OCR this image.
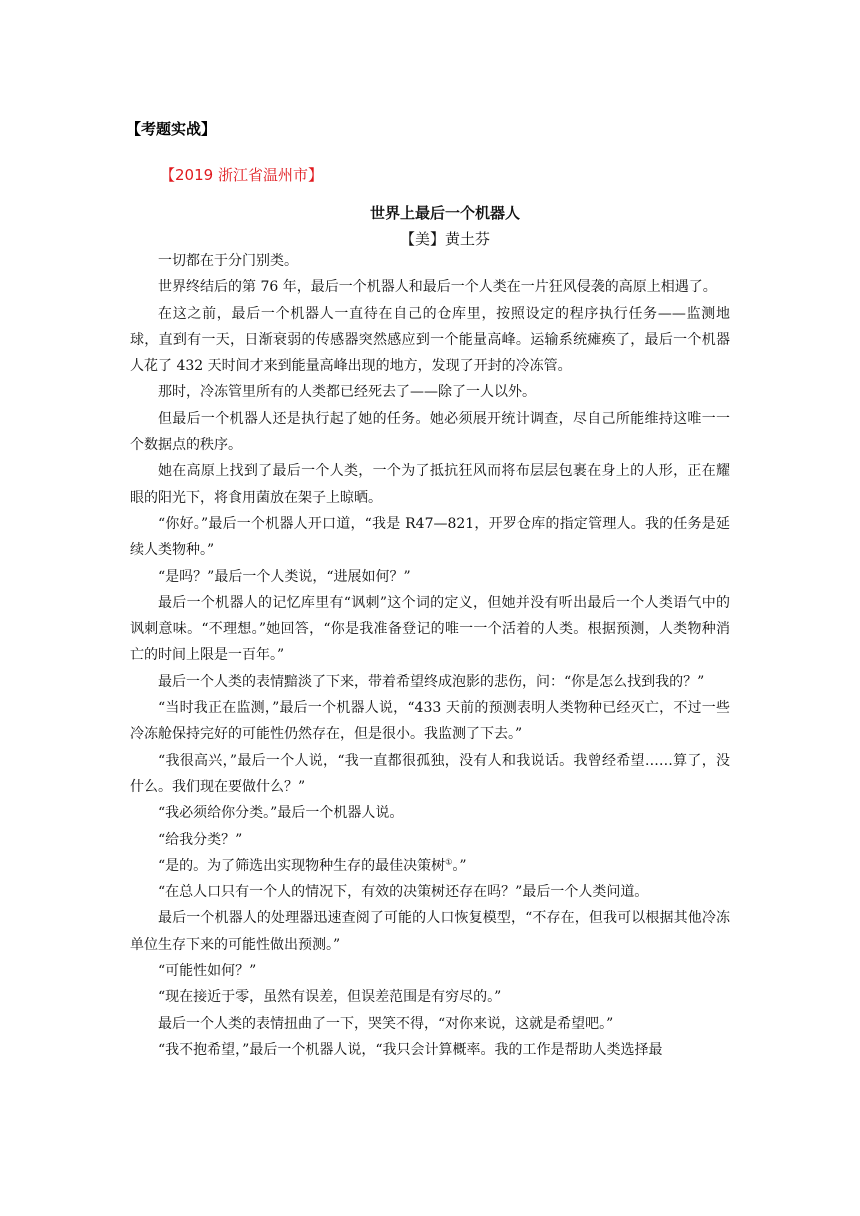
【考题实战】
【2019 浙江省温州市】
世界上最后一个机器人
【美】黄土芬

一切都在于分门别类。

世界终结后的第 76 年，最后一个机器人和最后一个人类在一片狂风侵袭的高原上相遇了。

在这之前，最后一个机器人一直待在自己的仓库里，按照设定的程序执行任务——监测地球，直到有一天，日渐衰弱的传感器突然感应到一个能量高峰。运输系统瘫痪了，最后一个机器人花了 432 天时间才来到能量高峰出现的地方，发现了开封的冷冻管。

那时，冷冻管里所有的人类都已经死去了——除了一人以外。

但最后一个机器人还是执行起了她的任务。她必须展开统计调查，尽自己所能维持这唯一一个数据点的秩序。

她在高原上找到了最后一个人类，一个为了抵抗狂风而将布层层包裹在身上的人形，正在耀眼的阳光下，将食用菌放在架子上晾晒。

“你好。”最后一个机器人开口道，“我是 R47—821，开罗仓库的指定管理人。我的任务是延续人类物种。”

“是吗？”最后一个人类说，“进展如何？”

最后一个机器人的记忆库里有“讽刺”这个词的定义，但她并没有听出最后一个人类语气中的讽刺意味。“不理想。”她回答，“你是我准备登记的唯一一个活着的人类。根据预测，人类物种消亡的时间上限是一百年。”

最后一个人类的表情黯淡了下来，带着希望终成泡影的悲伤，问：“你是怎么找到我的？”

“当时我正在监测，”最后一个机器人说，“433 天前的预测表明人类物种已经灭亡，不过一些冷冻舱保持完好的可能性仍然存在，但是很小。我监测了下去。”

“我很高兴，”最后一个人说，“我一直都很孤独，没有人和我说话。我曾经希望……算了，没什么。我们现在要做什么？”

“我必须给你分类。”最后一个机器人说。

“给我分类？”

“是的。为了筛选出实现物种生存的最佳决策树①。”

“在总人口只有一个人的情况下，有效的决策树还存在吗？”最后一个人类问道。

最后一个机器人的处理器迅速查阅了可能的人口恢复模型，“不存在，但我可以根据其他冷冻单位生存下来的可能性做出预测。”

“可能性如何？”

“现在接近于零，虽然有误差，但误差范围是有穷尽的。”

最后一个人类的表情扭曲了一下，哭笑不得，“对你来说，这就是希望吧。”

“我不抱希望，”最后一个机器人说，“我只会计算概率。我的工作是帮助人类选择最
